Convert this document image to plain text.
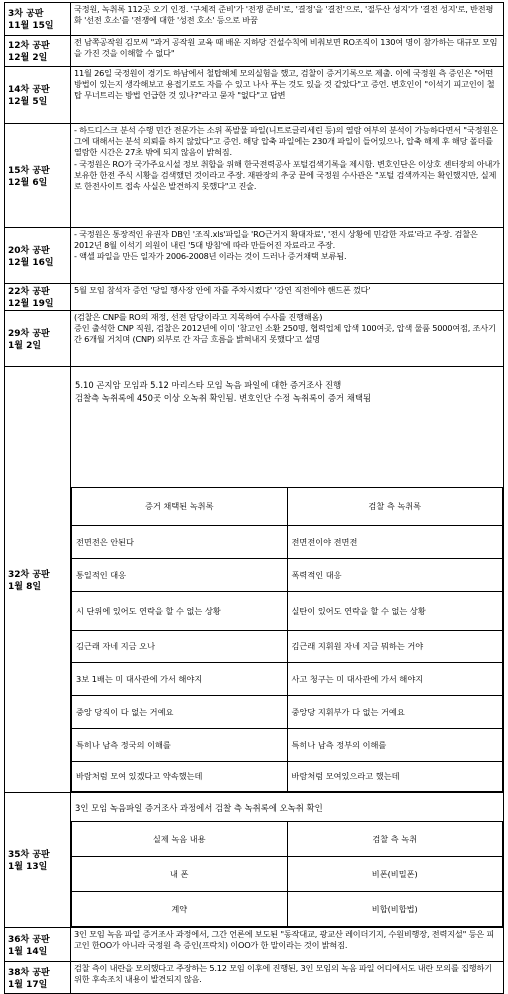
3차 공판
11월 15일
	국정원, 녹취록 112곳 오기 인정. '구체적 준비'가 '전쟁 준비'로, '결정'을 '결전'으로, '절두산 성지'가 '결전 성지'로, 반전평화 '선전 호소'를 '전쟁에 대한 '성전 호소' 등으로 바꿈

12차 공판
12월 2일
	전 남쪽공작원 김모씨 "과거 공작원 교육 때 배운 지하당 건설수칙에 비춰보면 RO조직이 130여 명이 참가하는 대규모 모임을 가진 것을 이해할 수 없다"

14차 공판
12월 5일
	11월 26일 국정원이 경기도 하남에서 철탑해체 모의실험을 했고, 검찰이 증거기록으로 제출. 이에 국정원 측 증인은 "어떤 방법이 있는지 생각해보고 용접기로도 자를 수 있고 나사 푸는 것도 있을 것 같았다"고 증언. 변호인이 "이석기 피고인이 철탑 무너트리는 방법 언급한 것 있나?"라고 묻자 "없다"고 답변

15차 공판
12월 6일

- 하드디스크 분석 수행 민간 전문가는 소위 폭발물 파일(니트로글리세린 등)의 열람 여부의 분석이 가능하다면서 "국정원은 그에 대해서는 분석 의뢰를 하지 않았다"고 증언. 해당 압축 파일에는 230개 파일이 들어있으나, 압축 해제 후 해당 폴더를 열람한 시간은 27초 밖에 되지 않음이 밝혀짐.
- 국정원은 RO가 국가주요시설 정보 취합을 위해 한국전력공사 포털검색기록을 제시함. 변호인단은 이상호 센터장의 아내가 보유한 한전 주식 시황을 검색했던 것이라고 주장. 재판장의 추궁 끝에 국정원 수사관은 "포털 검색까지는 확인했지만, 실제로 한전사이트 접속 사실은 발견하지 못했다"고 진술.

20차 공판
12월 16일

- 국정원은 통장적인 유권자 DB인 '조직.xls'파일을 'RO근거지 확대자료', '전시 상황에 민감한 자료'라고 주장. 검찰은 2012년 8월 이석기 의원이 내린 '5대 방침'에 따라 만들어진 자료라고 주장.
- 액셀 파일을 만든 일자가 2006-2008년 이라는 것이 드러나 증거채택 보류됨.

22차 공판
12월 19일
	5월 모임 참석자 증언 '당일 행사장 안에 자를 주차시켰다' '강연 직전에야 핸드폰 껐다'

29차 공판
1월 2일

(검찰은 CNP를 RO의 재정, 선전 담당이라고 지목하여 수사를 진행해옴)
증인 출석한 CNP 직원, 검찰은 2012년에 이미 '참고인 소환 250명, 협력업체 압색 100여곳, 압색 물품 5000여점, 조사기간 6개월 거치며 (CNP) 외부로 간 자금 흐름을 밝혀내지 못했다'고 설명

32차 공판
1월 8일

5.10 곤지암 모임과 5.12 마리스타 모임 녹음 파일에 대한 증거조사 진행
검찰측 녹취록에 450곳 이상 오녹취 확인됨. 변호인단 수정 녹취록이 증거 채택됨
증거 채택된 녹취록	검찰 측 녹취록
전면전은 안된다	전면전이야 전면전
통일적인 대응	폭력적인 대응
시 단위에 있어도 연락을 할 수 없는 상황	실탄이 있어도 연락을 할 수 없는 상황
김근래 자네 지금 오나	김근래 지휘원 자네 지금 뭐하는 거야
3보 1배는 미 대사관에 가서 해야지	사고 청구는 미 대사관에 가서 해야지
중앙 당직이 다 없는 거예요	중앙당 지휘부가 다 없는 거예요
특히나 남측 정국의 이해를	특히나 남측 정부의 이해를
바람처럼 모여 있겠다고 약속했는데	바람처럼 모여있으라고 했는데

35차 공판
1월 13일

3인 모임 녹음파일 증거조사 과정에서 검찰 측 녹취록에 오녹취 확인
실제 녹음 내용	검찰 측 녹취
내 폰	비폰(비밀폰)
계약	비합(비합법)

36차 공판
1월 14일
	3인 모임 녹음 파일 증거조사 과정에서, 그간 언론에 보도된 "동작대교, 광교산 레이더기지, 수원비행장, 전력지설" 등은 피고인 한OO가 아니라 국정원 측 증인(프락치) 이OO가 한 말이라는 것이 밝혀짐.

38차 공판
1월 17일
	검찰 측이 내란을 모의했다고 주장하는 5.12 모임 이후에 진행된, 3인 모임의 녹음 파일 어디에서도 내란 모의를 집행하기 위한 후속조치 내용이 발견되지 않음.
